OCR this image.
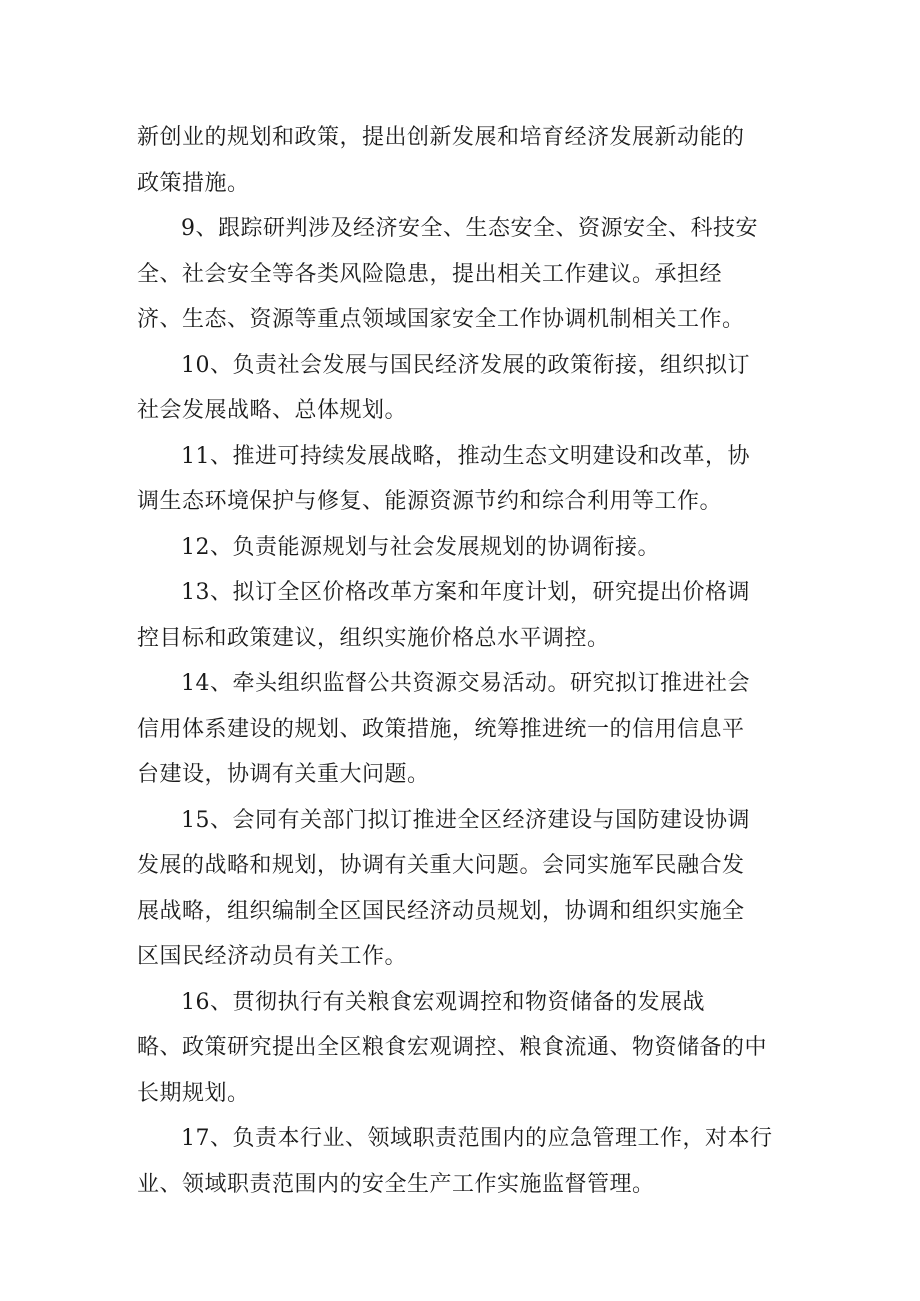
新创业的规划和政策，提出创新发展和培育经济发展新动能的
政策措施。
9、跟踪研判涉及经济安全、生态安全、资源安全、科技安
全、社会安全等各类风险隐患，提出相关工作建议。承担经
济、生态、资源等重点领域国家安全工作协调机制相关工作。
10、负责社会发展与国民经济发展的政策衔接，组织拟订
社会发展战略、总体规划。
11、推进可持续发展战略，推动生态文明建设和改革，协
调生态环境保护与修复、能源资源节约和综合利用等工作。
12、负责能源规划与社会发展规划的协调衔接。
13、拟订全区价格改革方案和年度计划，研究提出价格调
控目标和政策建议，组织实施价格总水平调控。
14、牵头组织监督公共资源交易活动。研究拟订推进社会
信用体系建设的规划、政策措施，统筹推进统一的信用信息平
台建设，协调有关重大问题。
15、会同有关部门拟订推进全区经济建设与国防建设协调
发展的战略和规划，协调有关重大问题。会同实施军民融合发
展战略，组织编制全区国民经济动员规划，协调和组织实施全
区国民经济动员有关工作。
16、贯彻执行有关粮食宏观调控和物资储备的发展战
略、政策研究提出全区粮食宏观调控、粮食流通、物资储备的中
长期规划。
17、负责本行业、领域职责范围内的应急管理工作，对本行
业、领域职责范围内的安全生产工作实施监督管理。
